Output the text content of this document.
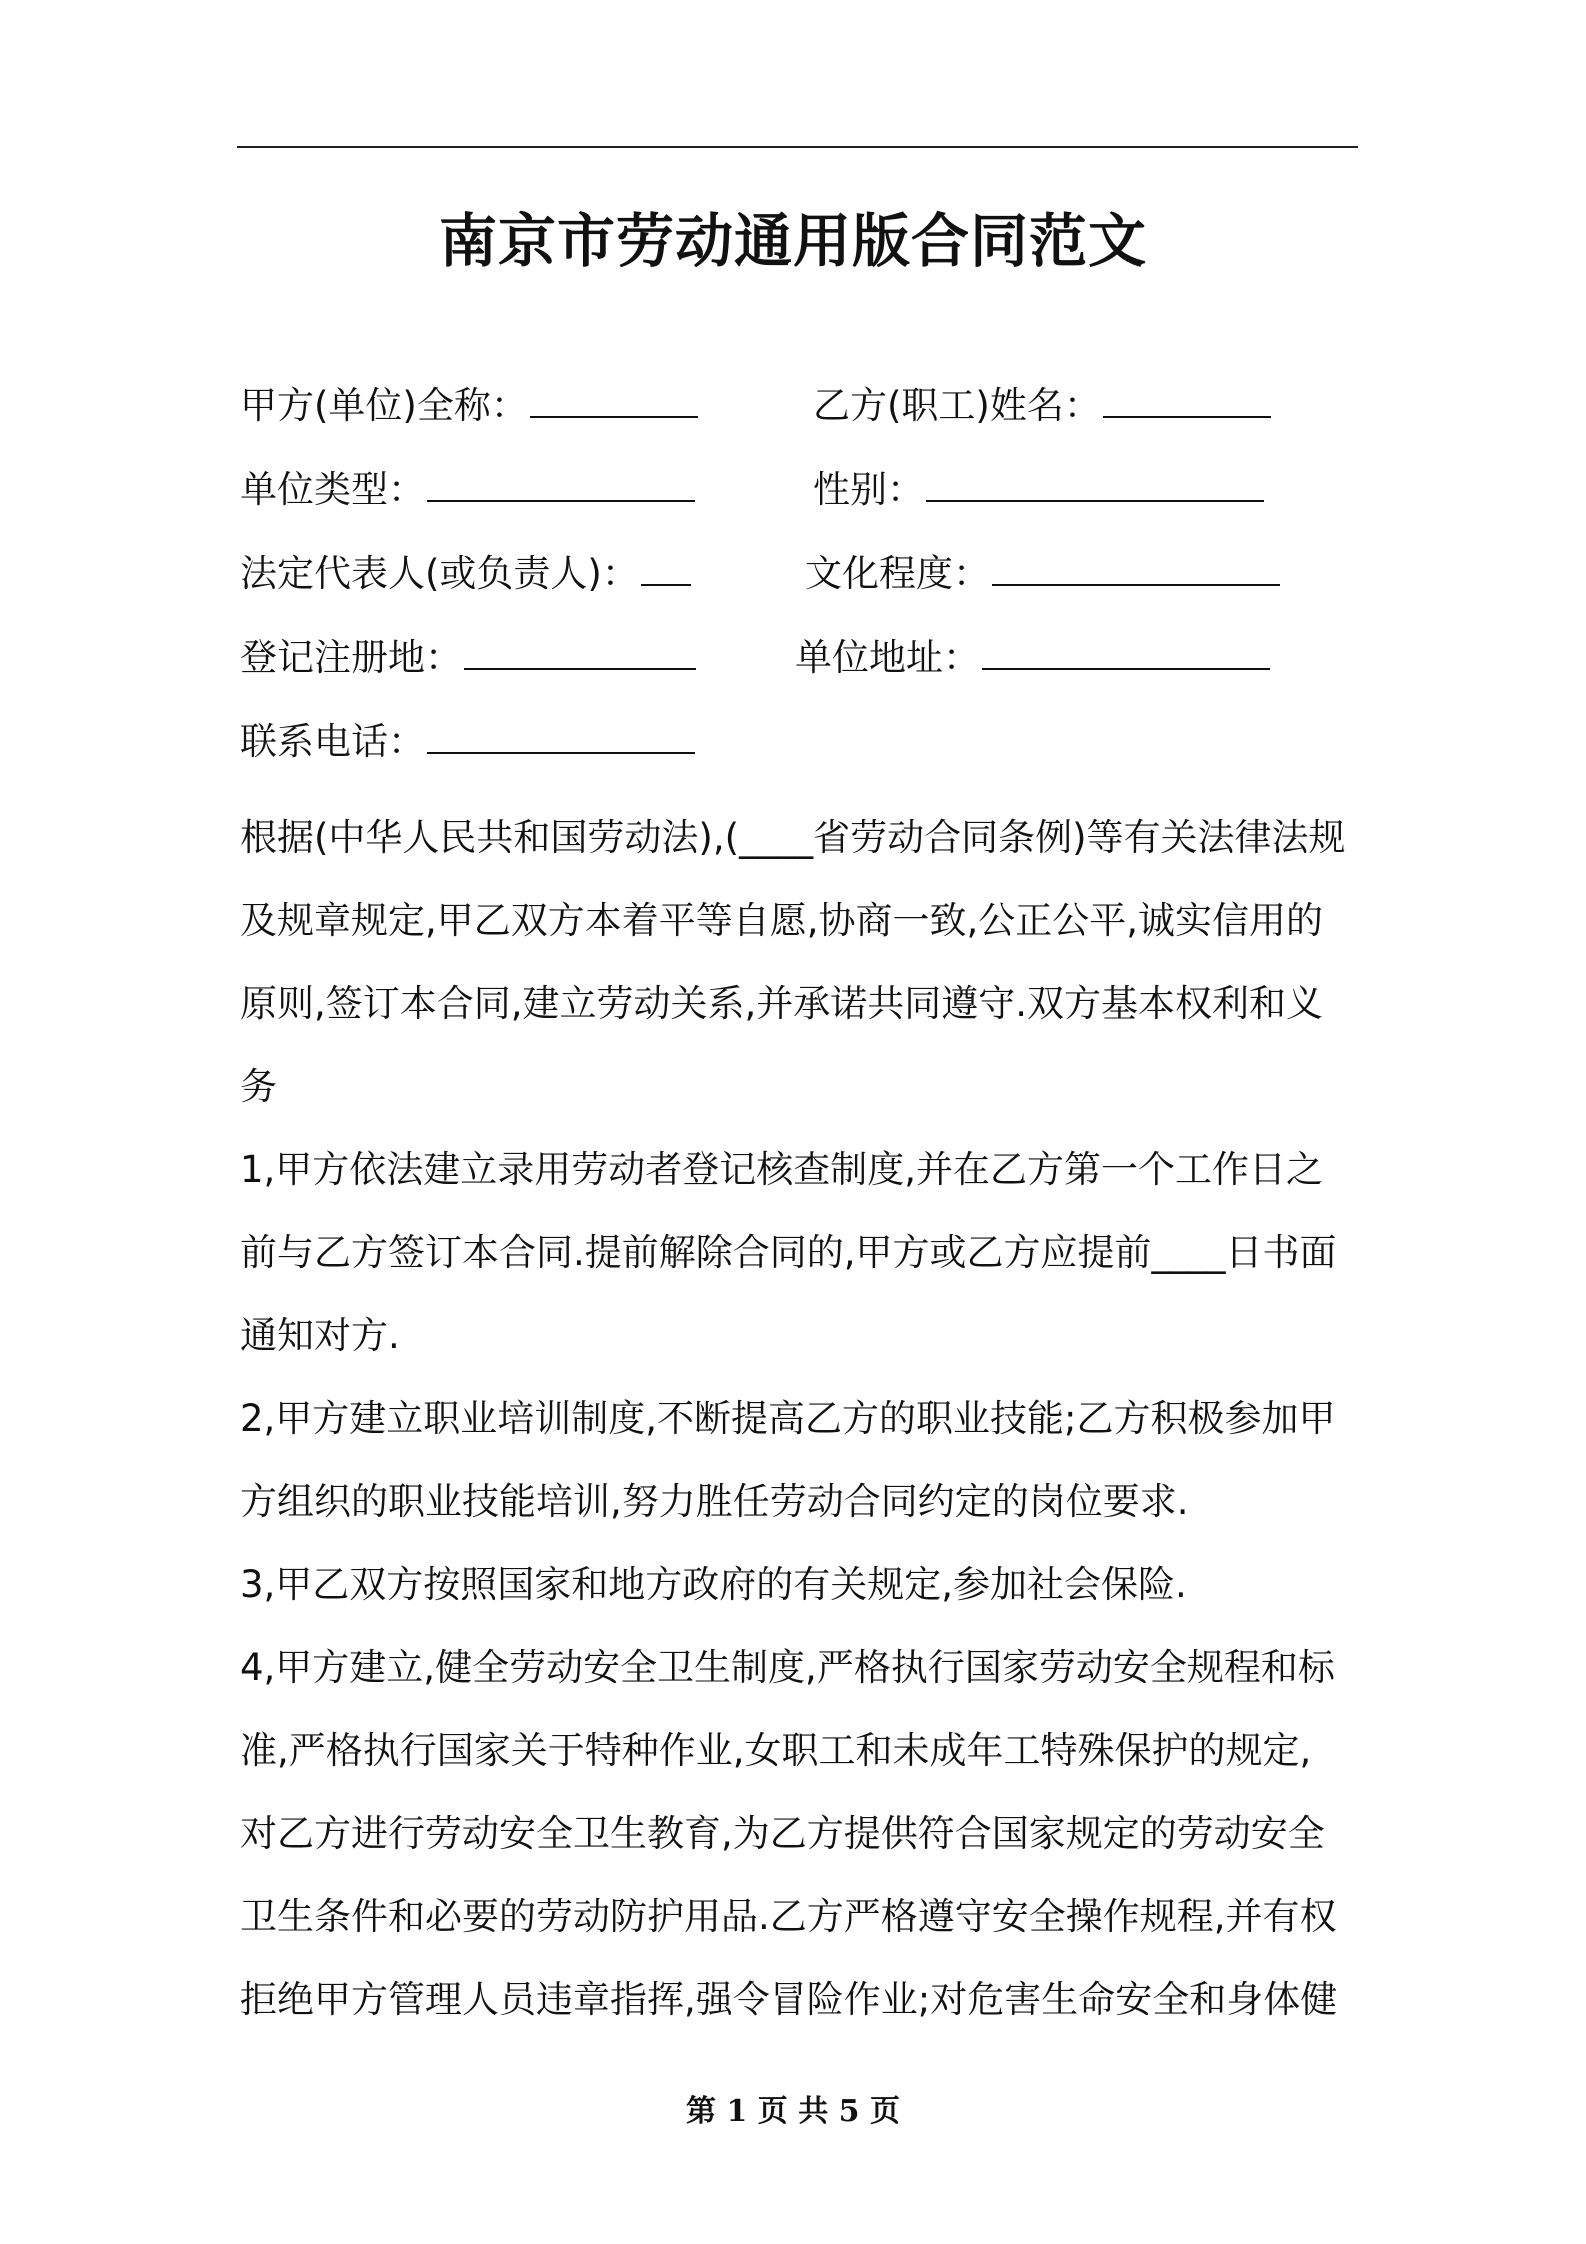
南京市劳动通用版合同范文
甲方(单位)全称：	乙方(职工)姓名：
单位类型：	性别：
法定代表人(或负责人)：	文化程度：
登记注册地：	单位地址：
联系电话：
根据(中华人民共和国劳动法),(____省劳动合同条例)等有关法律法规
及规章规定,甲乙双方本着平等自愿,协商一致,公正公平,诚实信用的
原则,签订本合同,建立劳动关系,并承诺共同遵守.双方基本权利和义
务
1,甲方依法建立录用劳动者登记核查制度,并在乙方第一个工作日之
前与乙方签订本合同.提前解除合同的,甲方或乙方应提前____日书面
通知对方.
2,甲方建立职业培训制度,不断提高乙方的职业技能;乙方积极参加甲
方组织的职业技能培训,努力胜任劳动合同约定的岗位要求.
3,甲乙双方按照国家和地方政府的有关规定,参加社会保险.
4,甲方建立,健全劳动安全卫生制度,严格执行国家劳动安全规程和标
准,严格执行国家关于特种作业,女职工和未成年工特殊保护的规定,
对乙方进行劳动安全卫生教育,为乙方提供符合国家规定的劳动安全
卫生条件和必要的劳动防护用品.乙方严格遵守安全操作规程,并有权
拒绝甲方管理人员违章指挥,强令冒险作业;对危害生命安全和身体健
第 1 页 共 5 页
